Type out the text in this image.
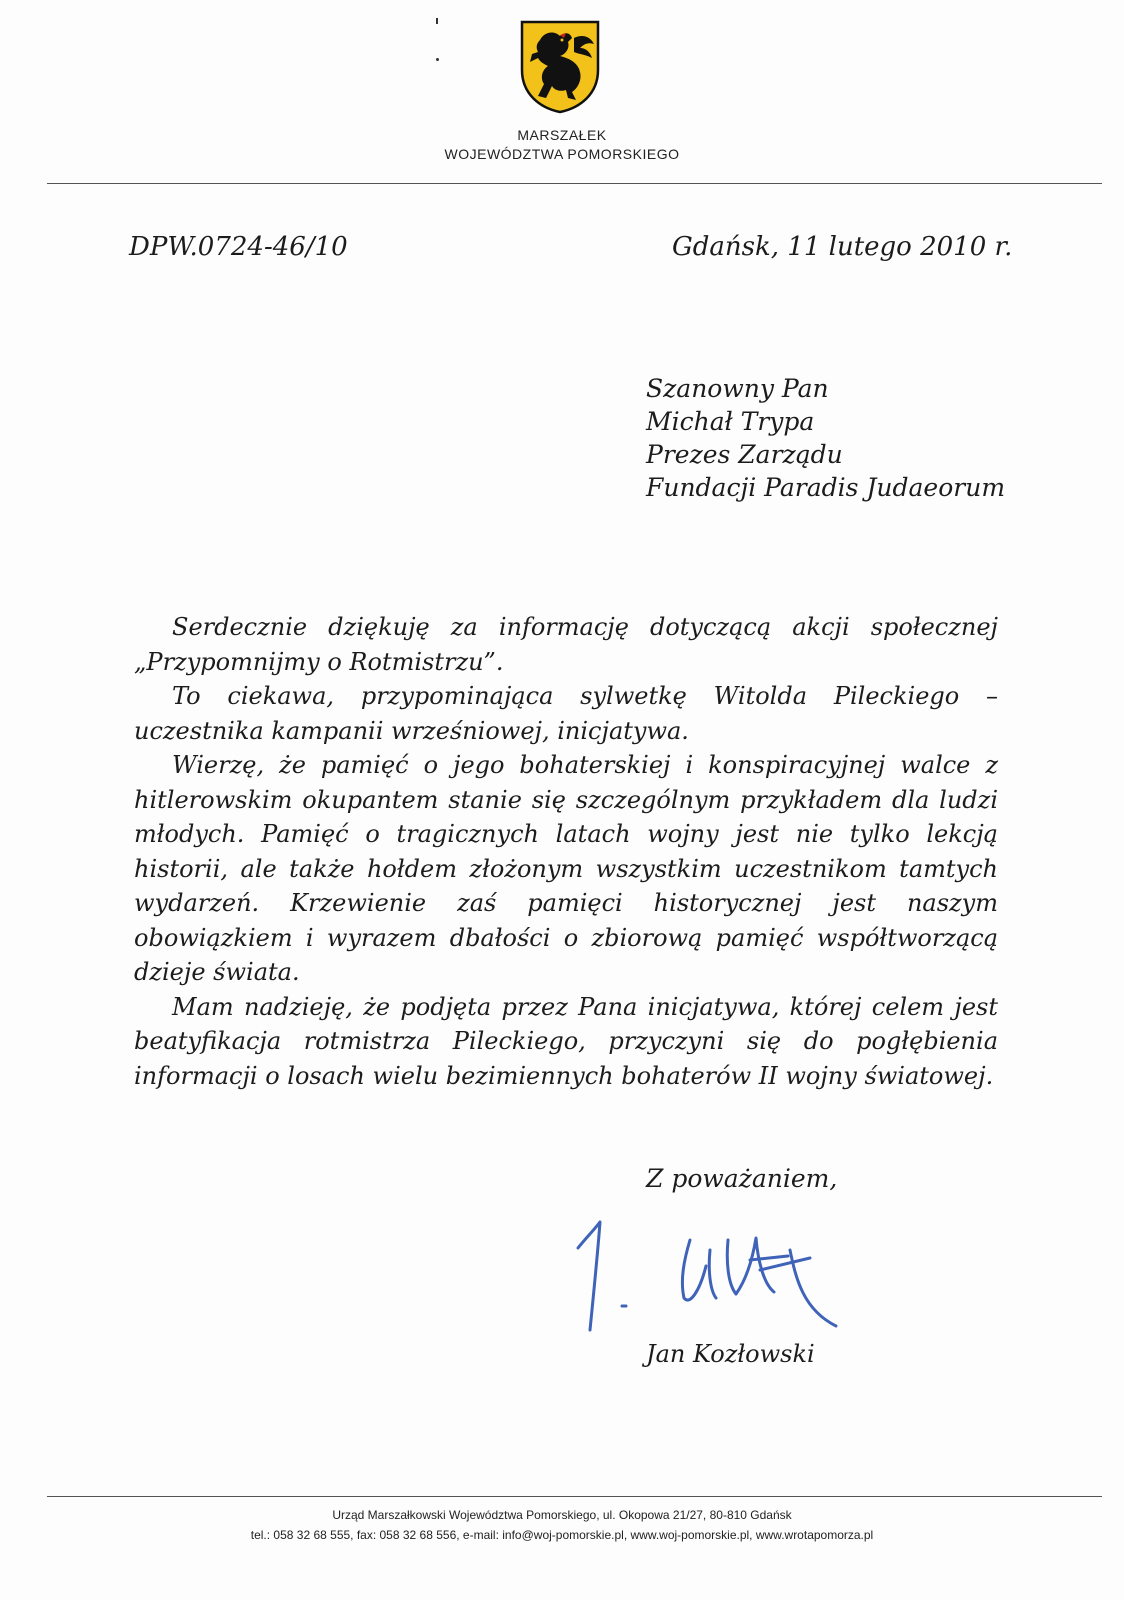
MARSZAŁEK
WOJEWÓDZTWA POMORSKIEGO
DPW.0724-46/10	Gdańsk, 11 lutego 2010 r.
Szanowny Pan
Michał Trypa
Prezes Zarządu
Fundacji Paradis Judaeorum

Serdecznie dziękuję za informację dotyczącą akcji społecznej „Przypomnijmy o Rotmistrzu”.

To ciekawa, przypominająca sylwetkę Witolda Pileckiego – uczestnika kampanii wrześniowej, inicjatywa.

Wierzę, że pamięć o jego bohaterskiej i konspiracyjnej walce z hitlerowskim okupantem stanie się szczególnym przykładem dla ludzi młodych. Pamięć o tragicznych latach wojny jest nie tylko lekcją historii, ale także hołdem złożonym wszystkim uczestnikom tamtych wydarzeń. Krzewienie zaś pamięci historycznej jest naszym obowiązkiem i wyrazem dbałości o zbiorową pamięć współtworzącą dzieje świata.

Mam nadzieję, że podjęta przez Pana inicjatywa, której celem jest beatyfikacja rotmistrza Pileckiego, przyczyni się do pogłębienia informacji o losach wielu bezimiennych bohaterów II wojny światowej.

Z poważaniem,
Jan Kozłowski
Urząd Marszałkowski Województwa Pomorskiego, ul. Okopowa 21/27, 80-810 Gdańsk
tel.: 058 32 68 555, fax: 058 32 68 556, e-mail: info@woj-pomorskie.pl, www.woj-pomorskie.pl, www.wrotapomorza.pl
